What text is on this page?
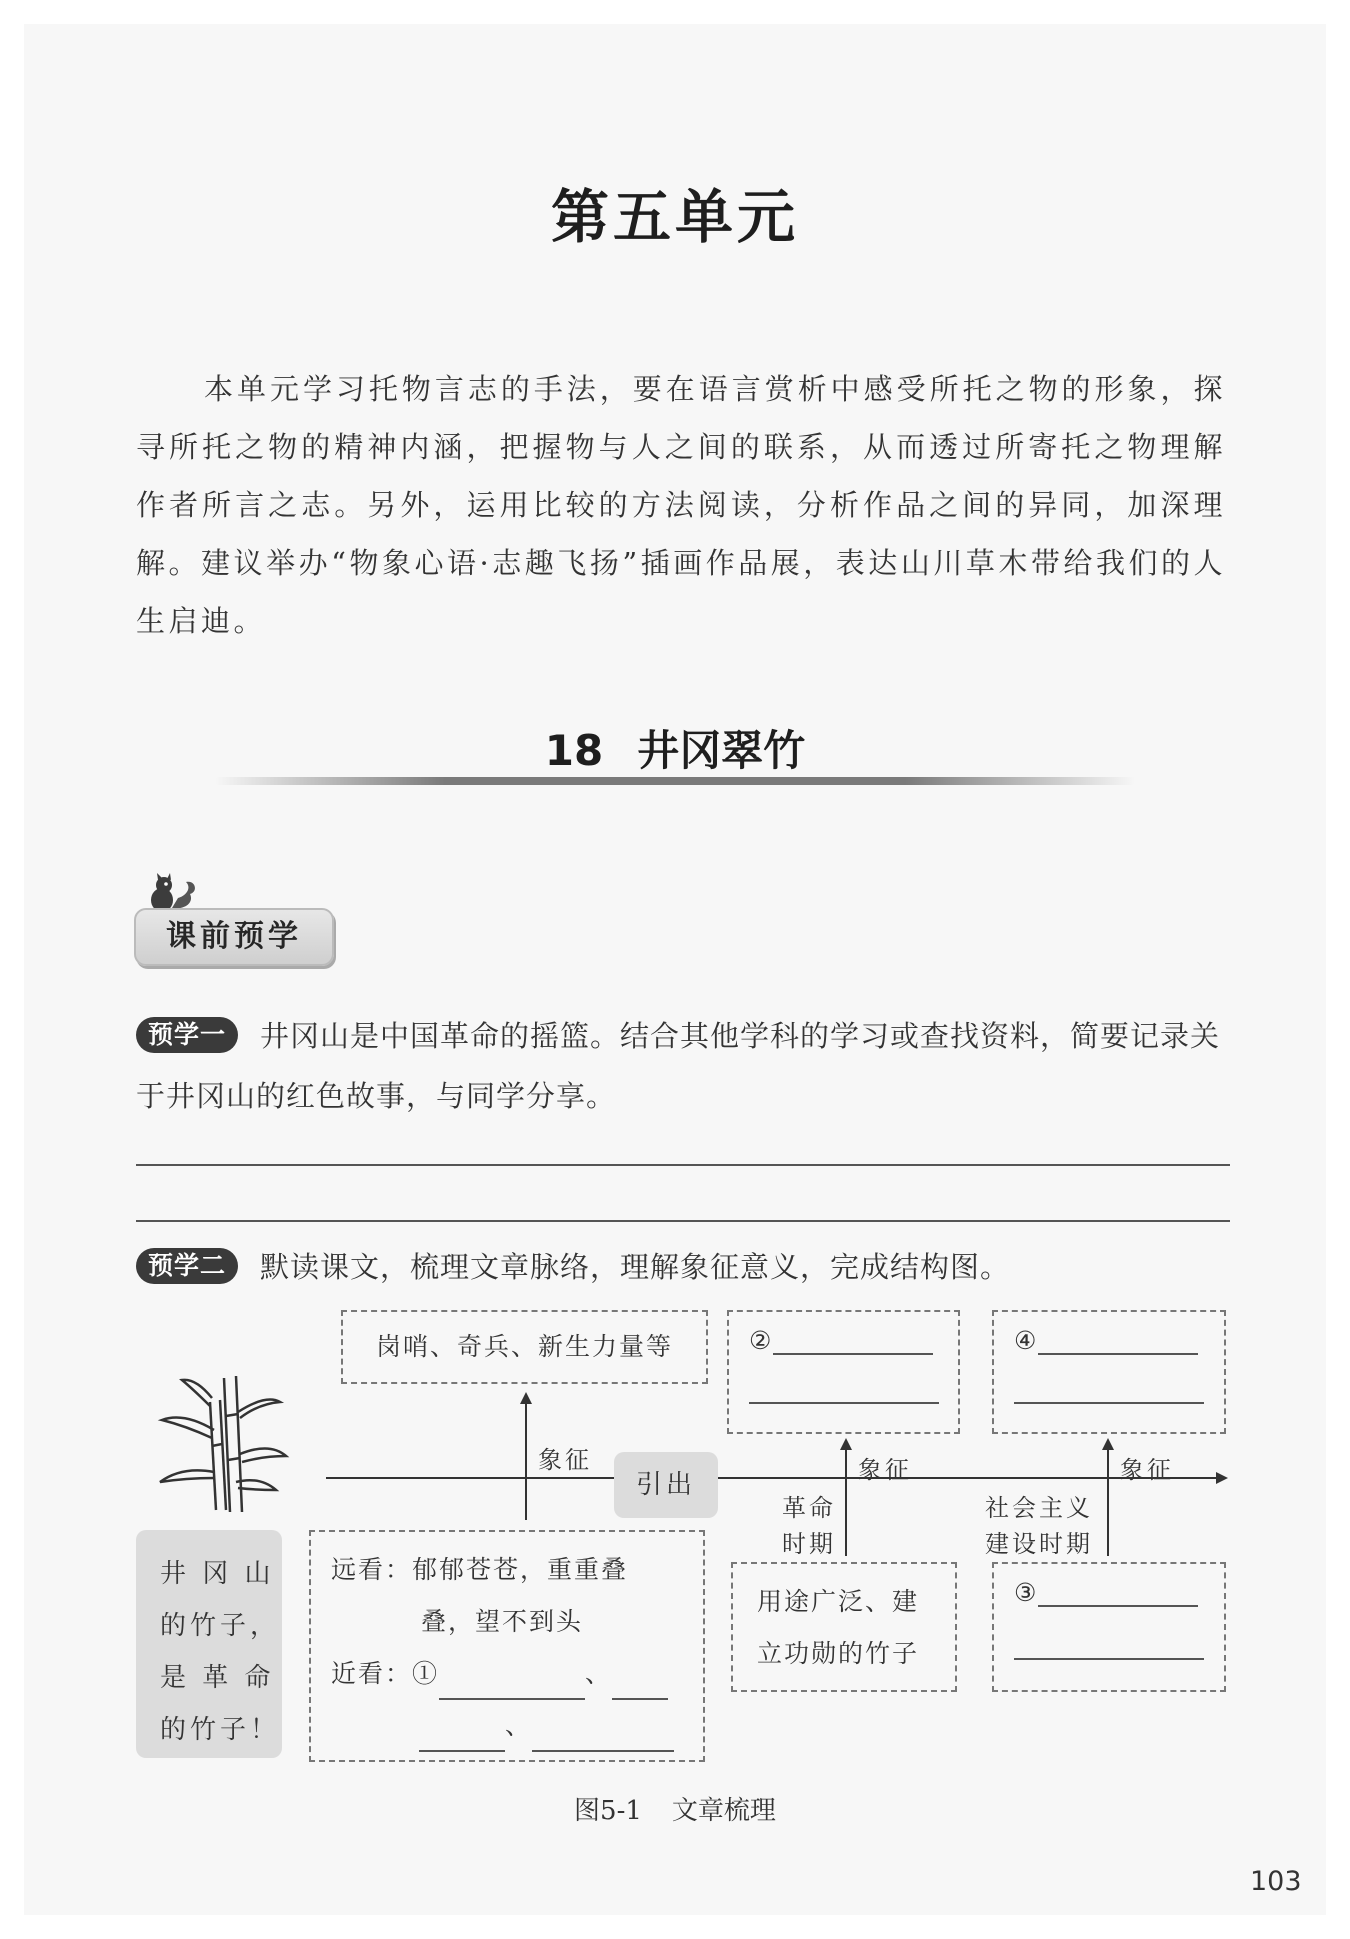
第五单元
本单元学习托物言志的手法，要在语言赏析中感受所托之物的形象，探寻所托之物的精神内涵，把握物与人之间的联系，从而透过所寄托之物理解作者所言之志。另外，运用比较的方法阅读，分析作品之间的异同，加深理解。建议举办“物象心语·志趣飞扬”插画作品展，表达山川草木带给我们的人生启迪。
18 井冈翠竹
课前预学
预学一 井冈山是中国革命的摇篮。结合其他学科的学习或查找资料，简要记录关于井冈山的红色故事，与同学分享。
预学二 默读课文，梳理文章脉络，理解象征意义，完成结构图。
岗哨、奇兵、新生力量等	②	④
象征	象征	象征
引出
革命
时期
社会主义
建设时期
井 冈 山
的竹子，
是 革 命
的竹子！
远看：郁郁苍苍，重重叠
叠，望不到头
近看：①	、
、
用途广泛、建
立功勋的竹子
③
图5-1 文章梳理
103
